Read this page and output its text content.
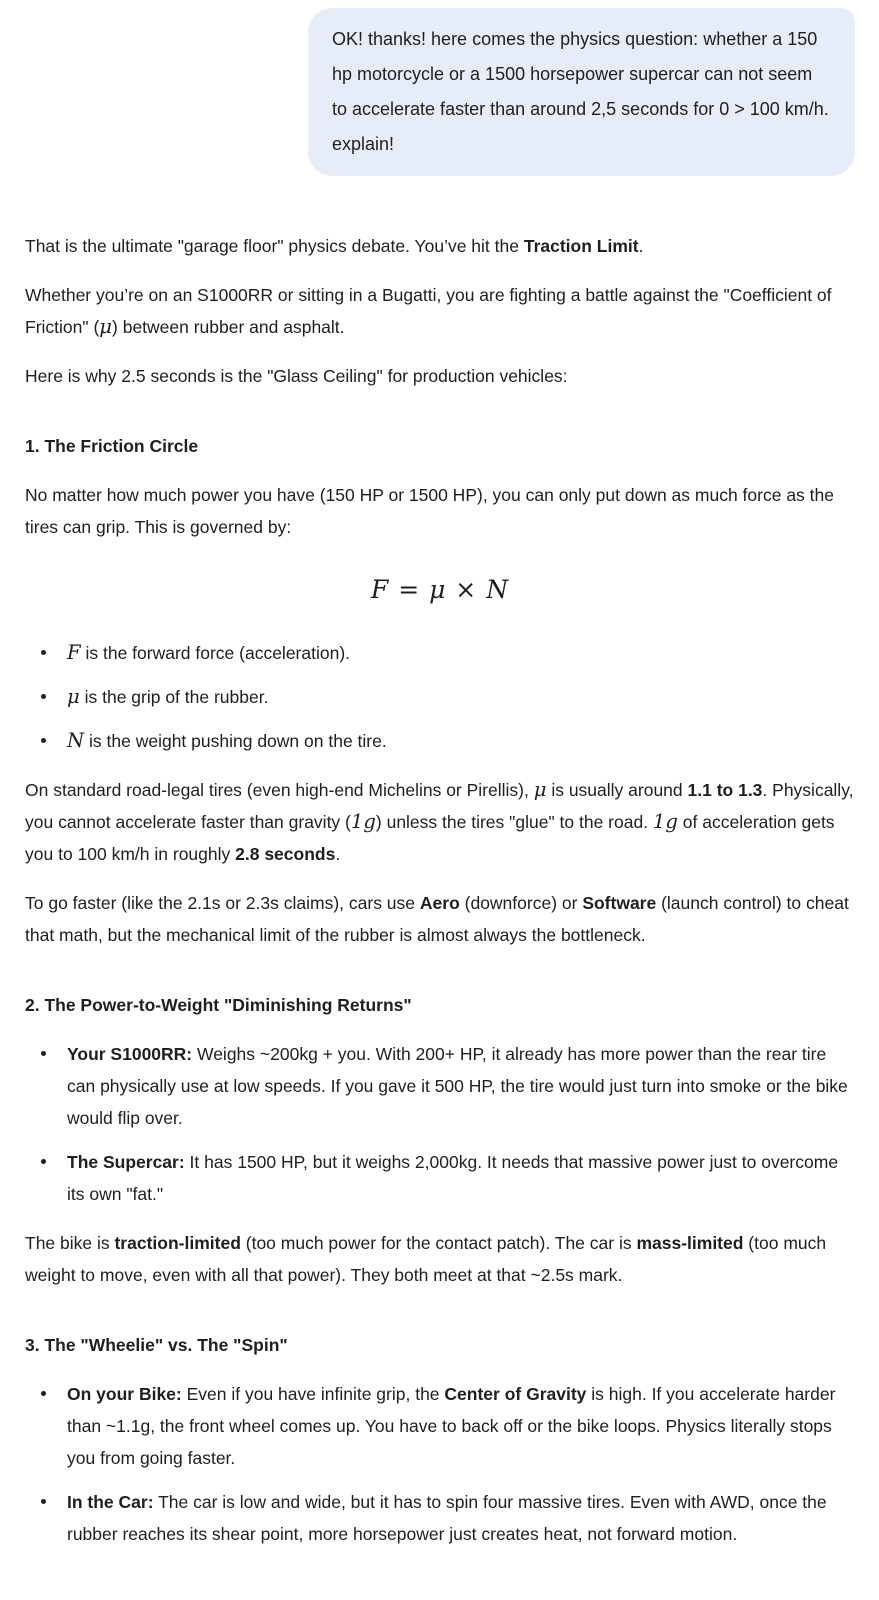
OK! thanks! here comes the physics question: whether a 150 hp motorcycle or a 1500 horsepower supercar can not seem to accelerate faster than around 2,5 seconds for 0 > 100 km/h. explain!

That is the ultimate "garage floor" physics debate. You’ve hit the Traction Limit.

Whether you’re on an S1000RR or sitting in a Bugatti, you are fighting a battle against the "Coefficient of Friction" (μ) between rubber and asphalt.

Here is why 2.5 seconds is the "Glass Ceiling" for production vehicles:

1. The Friction Circle

No matter how much power you have (150 HP or 1500 HP), you can only put down as much force as the tires can grip. This is governed by:

F = μ × N
F is the forward force (acceleration).
μ is the grip of the rubber.
N is the weight pushing down on the tire.

On standard road-legal tires (even high-end Michelins or Pirellis), μ is usually around 1.1 to 1.3. Physically, you cannot accelerate faster than gravity (1g) unless the tires "glue" to the road. 1g of acceleration gets you to 100 km/h in roughly 2.8 seconds.

To go faster (like the 2.1s or 2.3s claims), cars use Aero (downforce) or Software (launch control) to cheat that math, but the mechanical limit of the rubber is almost always the bottleneck.

2. The Power-to-Weight "Diminishing Returns"
Your S1000RR: Weighs ~200kg + you. With 200+ HP, it already has more power than the rear tire can physically use at low speeds. If you gave it 500 HP, the tire would just turn into smoke or the bike would flip over.
The Supercar: It has 1500 HP, but it weighs 2,000kg. It needs that massive power just to overcome its own "fat."

The bike is traction-limited (too much power for the contact patch). The car is mass-limited (too much weight to move, even with all that power). They both meet at that ~2.5s mark.

3. The "Wheelie" vs. The "Spin"
On your Bike: Even if you have infinite grip, the Center of Gravity is high. If you accelerate harder than ~1.1g, the front wheel comes up. You have to back off or the bike loops. Physics literally stops you from going faster.
In the Car: The car is low and wide, but it has to spin four massive tires. Even with AWD, once the rubber reaches its shear point, more horsepower just creates heat, not forward motion.
